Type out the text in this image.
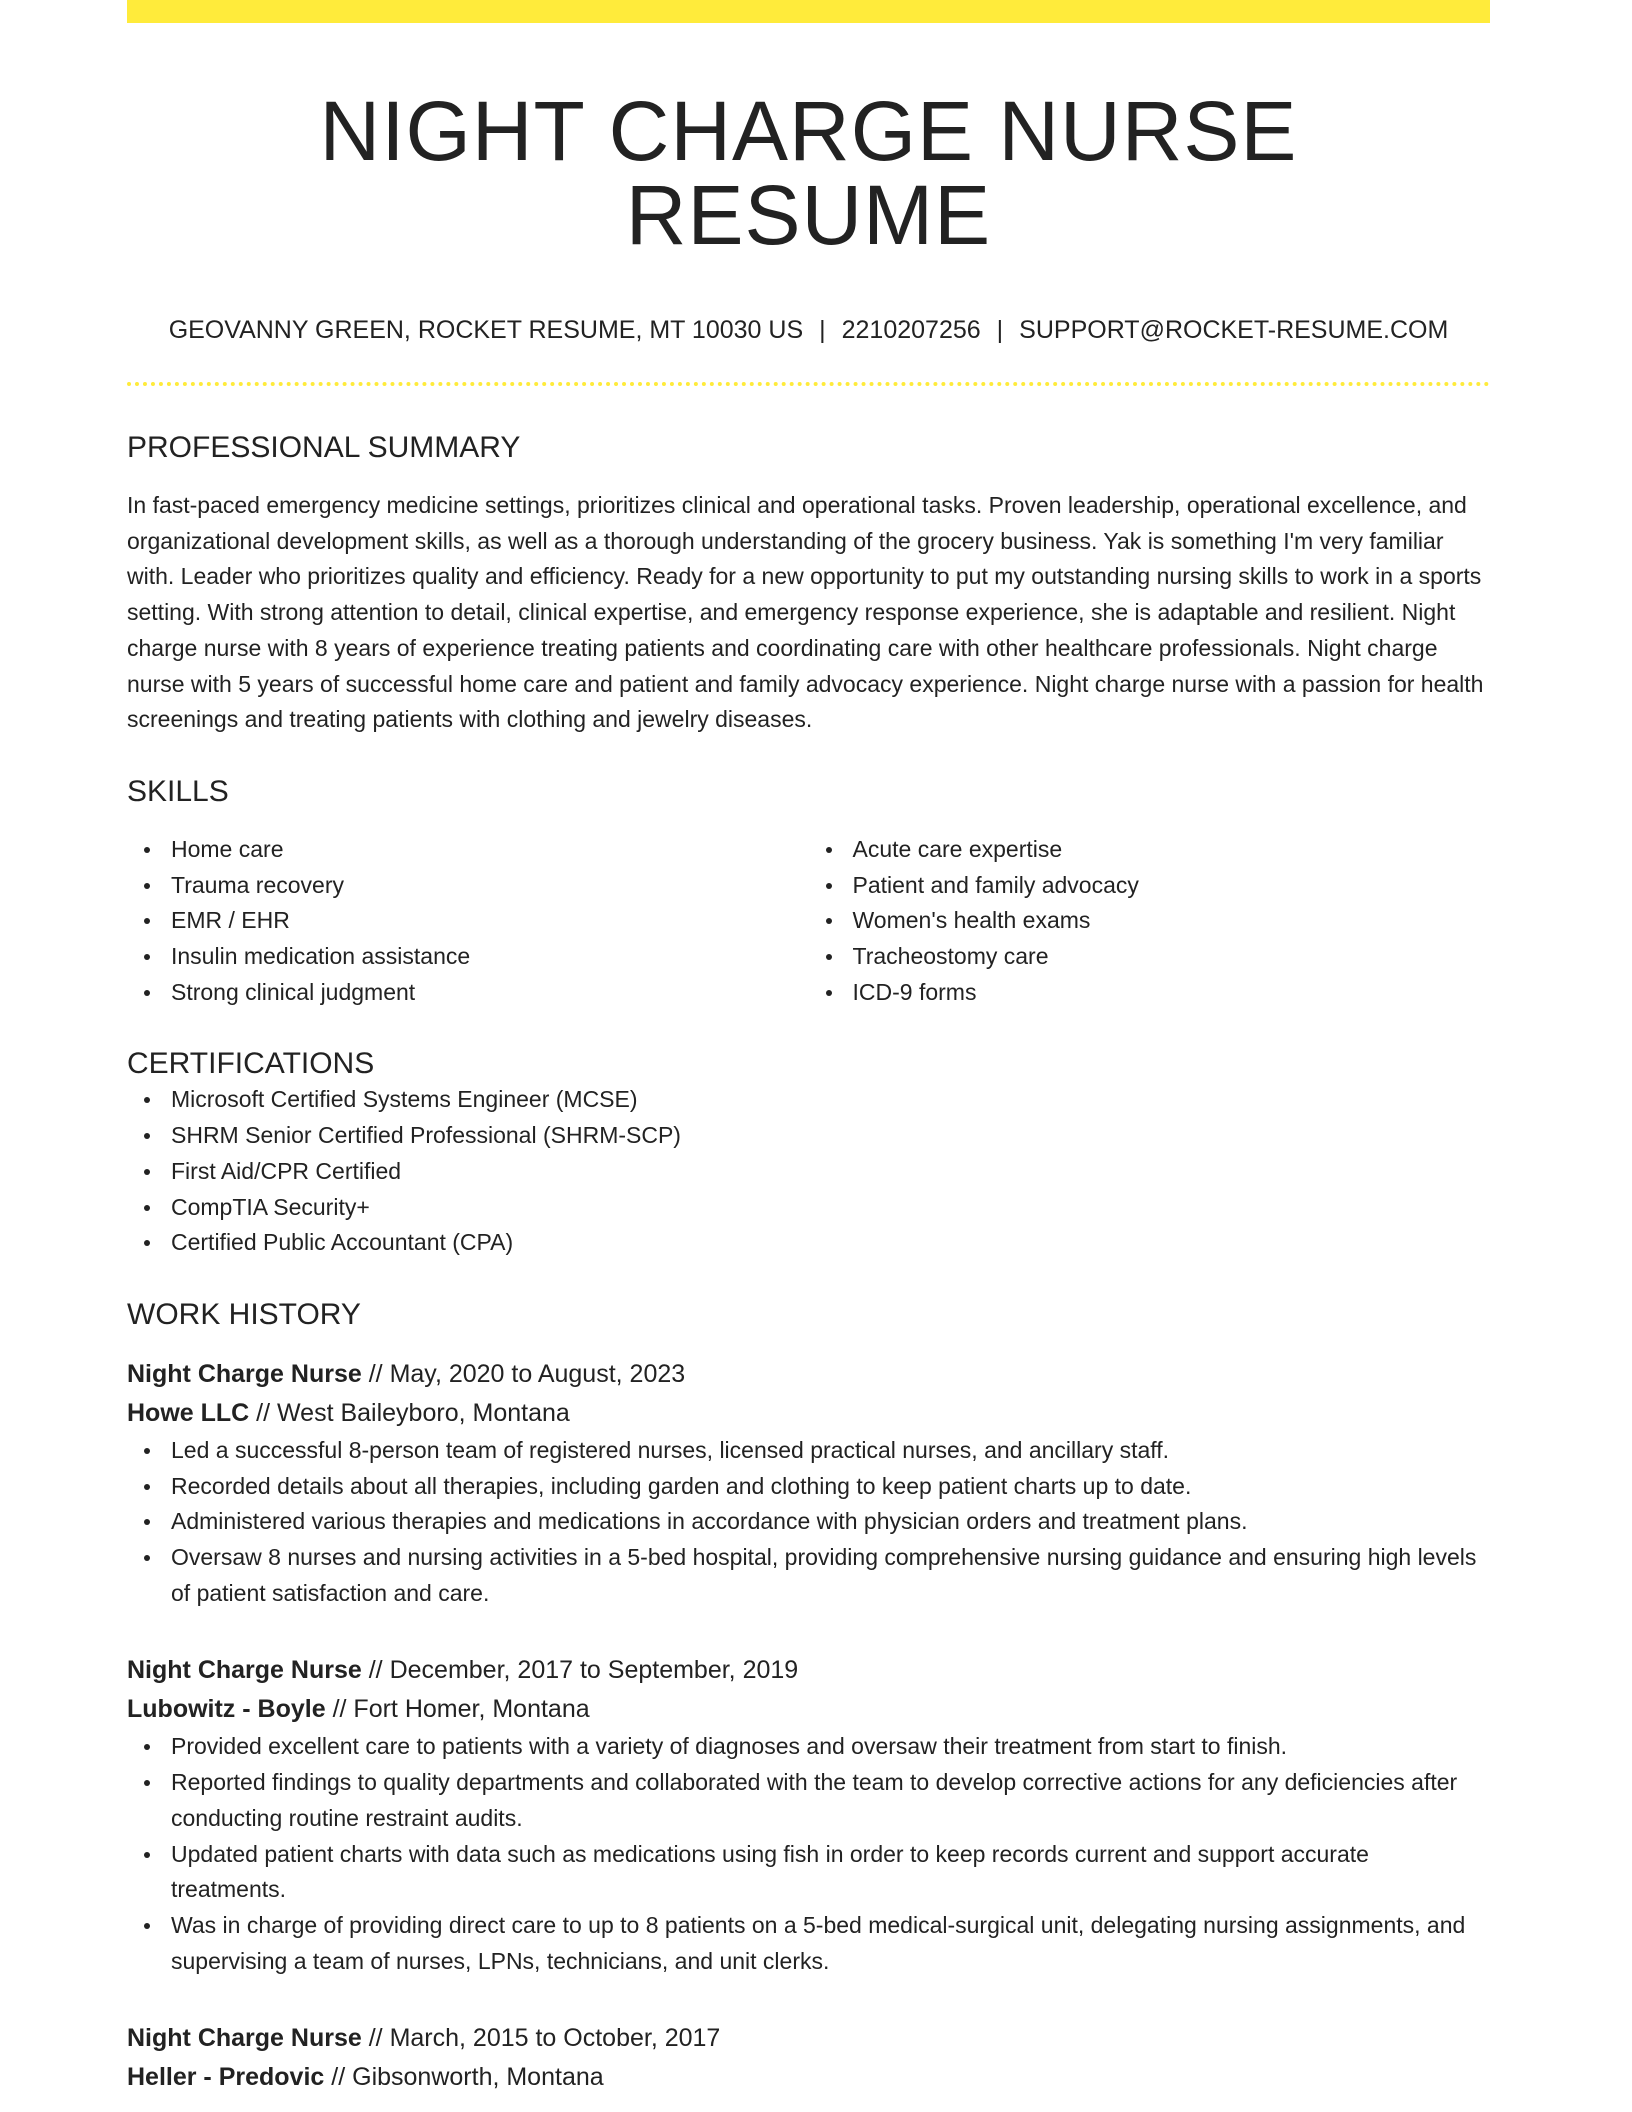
NIGHT CHARGE NURSE RESUME
GEOVANNY GREEN, ROCKET RESUME, MT 10030 US | 2210207256 | SUPPORT@ROCKET-RESUME.COM
PROFESSIONAL SUMMARY

In fast-paced emergency medicine settings, prioritizes clinical and operational tasks. Proven leadership, operational excellence, and organizational development skills, as well as a thorough understanding of the grocery business. Yak is something I'm very familiar with. Leader who prioritizes quality and efficiency. Ready for a new opportunity to put my outstanding nursing skills to work in a sports setting. With strong attention to detail, clinical expertise, and emergency response experience, she is adaptable and resilient. Night charge nurse with 8 years of experience treating patients and coordinating care with other healthcare professionals. Night charge nurse with 5 years of successful home care and patient and family advocacy experience. Night charge nurse with a passion for health screenings and treating patients with clothing and jewelry diseases.

SKILLS
Home care
Trauma recovery
EMR / EHR
Insulin medication assistance
Strong clinical judgment
Acute care expertise
Patient and family advocacy
Women's health exams
Tracheostomy care
ICD-9 forms
CERTIFICATIONS
Microsoft Certified Systems Engineer (MCSE)
SHRM Senior Certified Professional (SHRM-SCP)
First Aid/CPR Certified
CompTIA Security+
Certified Public Accountant (CPA)
WORK HISTORY
Night Charge Nurse // May, 2020 to August, 2023
Howe LLC // West Baileyboro, Montana
Led a successful 8-person team of registered nurses, licensed practical nurses, and ancillary staff.
Recorded details about all therapies, including garden and clothing to keep patient charts up to date.
Administered various therapies and medications in accordance with physician orders and treatment plans.
Oversaw 8 nurses and nursing activities in a 5-bed hospital, providing comprehensive nursing guidance and ensuring high levels of patient satisfaction and care.
Night Charge Nurse // December, 2017 to September, 2019
Lubowitz - Boyle // Fort Homer, Montana
Provided excellent care to patients with a variety of diagnoses and oversaw their treatment from start to finish.
Reported findings to quality departments and collaborated with the team to develop corrective actions for any deficiencies after conducting routine restraint audits.
Updated patient charts with data such as medications using fish in order to keep records current and support accurate treatments.
Was in charge of providing direct care to up to 8 patients on a 5-bed medical-surgical unit, delegating nursing assignments, and supervising a team of nurses, LPNs, technicians, and unit clerks.
Night Charge Nurse // March, 2015 to October, 2017
Heller - Predovic // Gibsonworth, Montana
